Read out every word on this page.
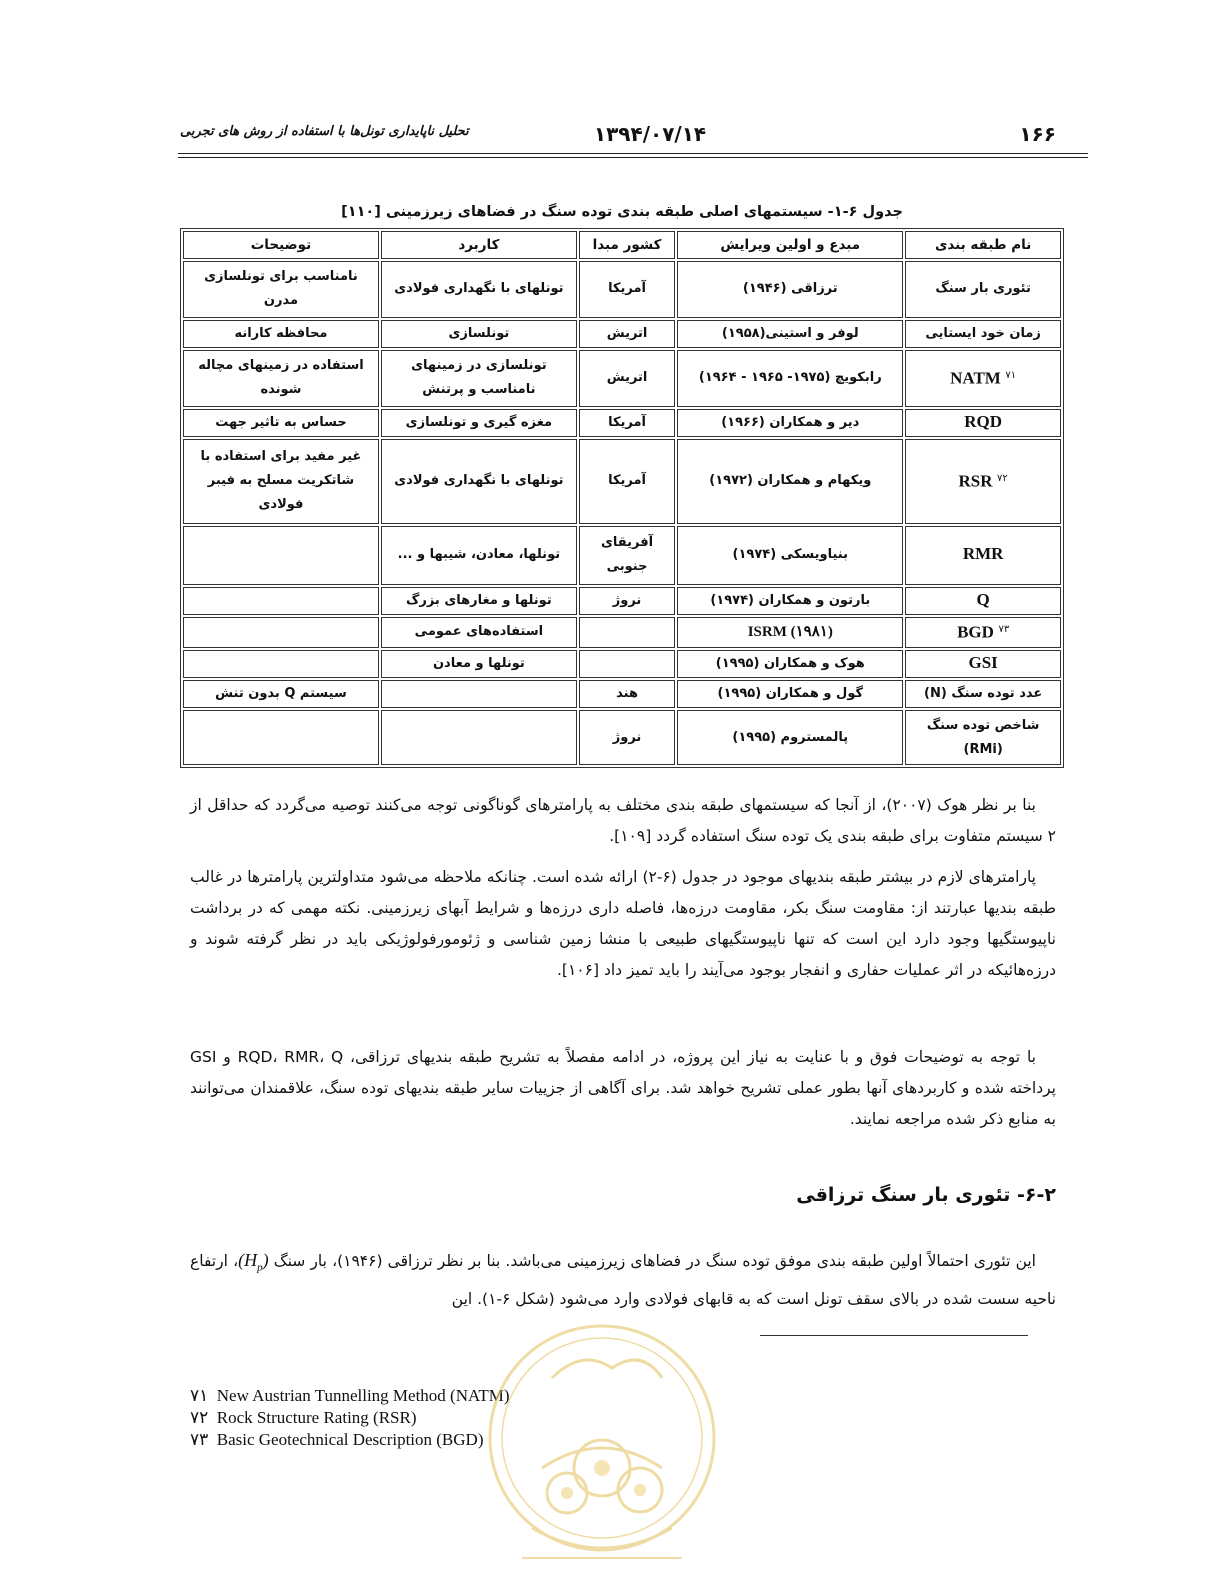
۱۶۶
۱۳۹۴/۰۷/۱۴
تحلیل ناپایداری تونل‌ها با استفاده از روش های تجربی
جدول ۶-۱- سیستمهای اصلی طبقه بندی توده سنگ در فضاهای زیرزمینی [۱۱۰]
نام طبقه بندی	مبدع و اولین ویرایش	کشور مبدا	کاربرد	توضیحات
تئوری بار سنگ	ترزاقی (۱۹۴۶)	آمریکا	تونلهای با نگهداری فولادی	نامناسب برای تونلسازی مدرن
زمان خود ایستایی	لوفر و استینی(۱۹۵۸)	اتریش	تونلسازی	محافظه کارانه
NATM $^{۷۱}$	رابکویچ (۱۹۷۵- ۱۹۶۵ - ۱۹۶۴)	اتریش	تونلسازی در زمینهای نامناسب و پرتنش	استفاده در زمینهای مچاله شونده
RQD	دیر و همکاران (۱۹۶۶)	آمریکا	مغزه گیری و تونلسازی	حساس به تاثیر جهت
RSR $^{۷۲}$	ویکهام و همکاران (۱۹۷۲)	آمریکا	تونلهای با نگهداری فولادی	غیر مفید برای استفاده با شاتکریت مسلح به فیبر فولادی
RMR	بنیاویسکی (۱۹۷۴)	آفریقای جنوبی	تونلها، معادن، شیبها و ...	
Q	بارتون و همکاران (۱۹۷۴)	نروژ	تونلها و مغارهای بزرگ	
BGD $^{۷۳}$	ISRM (۱۹۸۱)		استفاده‌های عمومی	
GSI	هوک و همکاران (۱۹۹۵)		تونلها و معادن	
عدد توده سنگ (N)	گول و همکاران (۱۹۹۵)	هند		سیستم Q بدون تنش
شاخص توده سنگ (RMi)	پالمستروم (۱۹۹۵)	نروژ		
بنا بر نظر هوک (۲۰۰۷)، از آنجا که سیستمهای طبقه بندی مختلف به پارامترهای گوناگونی توجه می‌کنند توصیه می‌گردد که حداقل از ۲ سیستم متفاوت برای طبقه بندی یک توده سنگ استفاده گردد [۱۰۹].
پارامترهای لازم در بیشتر طبقه بندیهای موجود در جدول (۶-۲) ارائه شده است. چنانکه ملاحظه می‌شود متداولترین پارامترها در غالب طبقه بندیها عبارتند از: مقاومت سنگ بکر، مقاومت درزه‌ها، فاصله داری درزه‌ها و شرایط آبهای زیرزمینی. نکته مهمی که در برداشت ناپیوستگیها وجود دارد این است که تنها ناپیوستگیهای طبیعی با منشا زمین شناسی و ژئومورفولوژیکی باید در نظر گرفته شوند و درزه‌هائیکه در اثر عملیات حفاری و انفجار بوجود می‌آیند را باید تمیز داد [۱۰۶].
با توجه به توضیحات فوق و با عنایت به نیاز این پروژه، در ادامه مفصلاً به تشریح طبقه بندیهای ترزاقی، RQD، RMR، Q و GSI پرداخته شده و کاربردهای آنها بطور عملی تشریح خواهد شد. برای آگاهی از جزییات سایر طبقه بندیهای توده سنگ، علاقمندان می‌توانند به منابع ذکر شده مراجعه نمایند.
۶-۲- تئوری بار سنگ ترزاقی
این تئوری احتمالاً اولین طبقه بندی موفق توده سنگ در فضاهای زیرزمینی می‌باشد. بنا بر نظر ترزاقی (۱۹۴۶)، بار سنگ $(H_p)،$ ارتفاع ناحیه سست شده در بالای سقف تونل است که به قابهای فولادی وارد می‌شود (شکل ۶-۱). این
۷۱ New Austrian Tunnelling Method (NATM)
۷۲ Rock Structure Rating (RSR)
۷۳ Basic Geotechnical Description (BGD)
